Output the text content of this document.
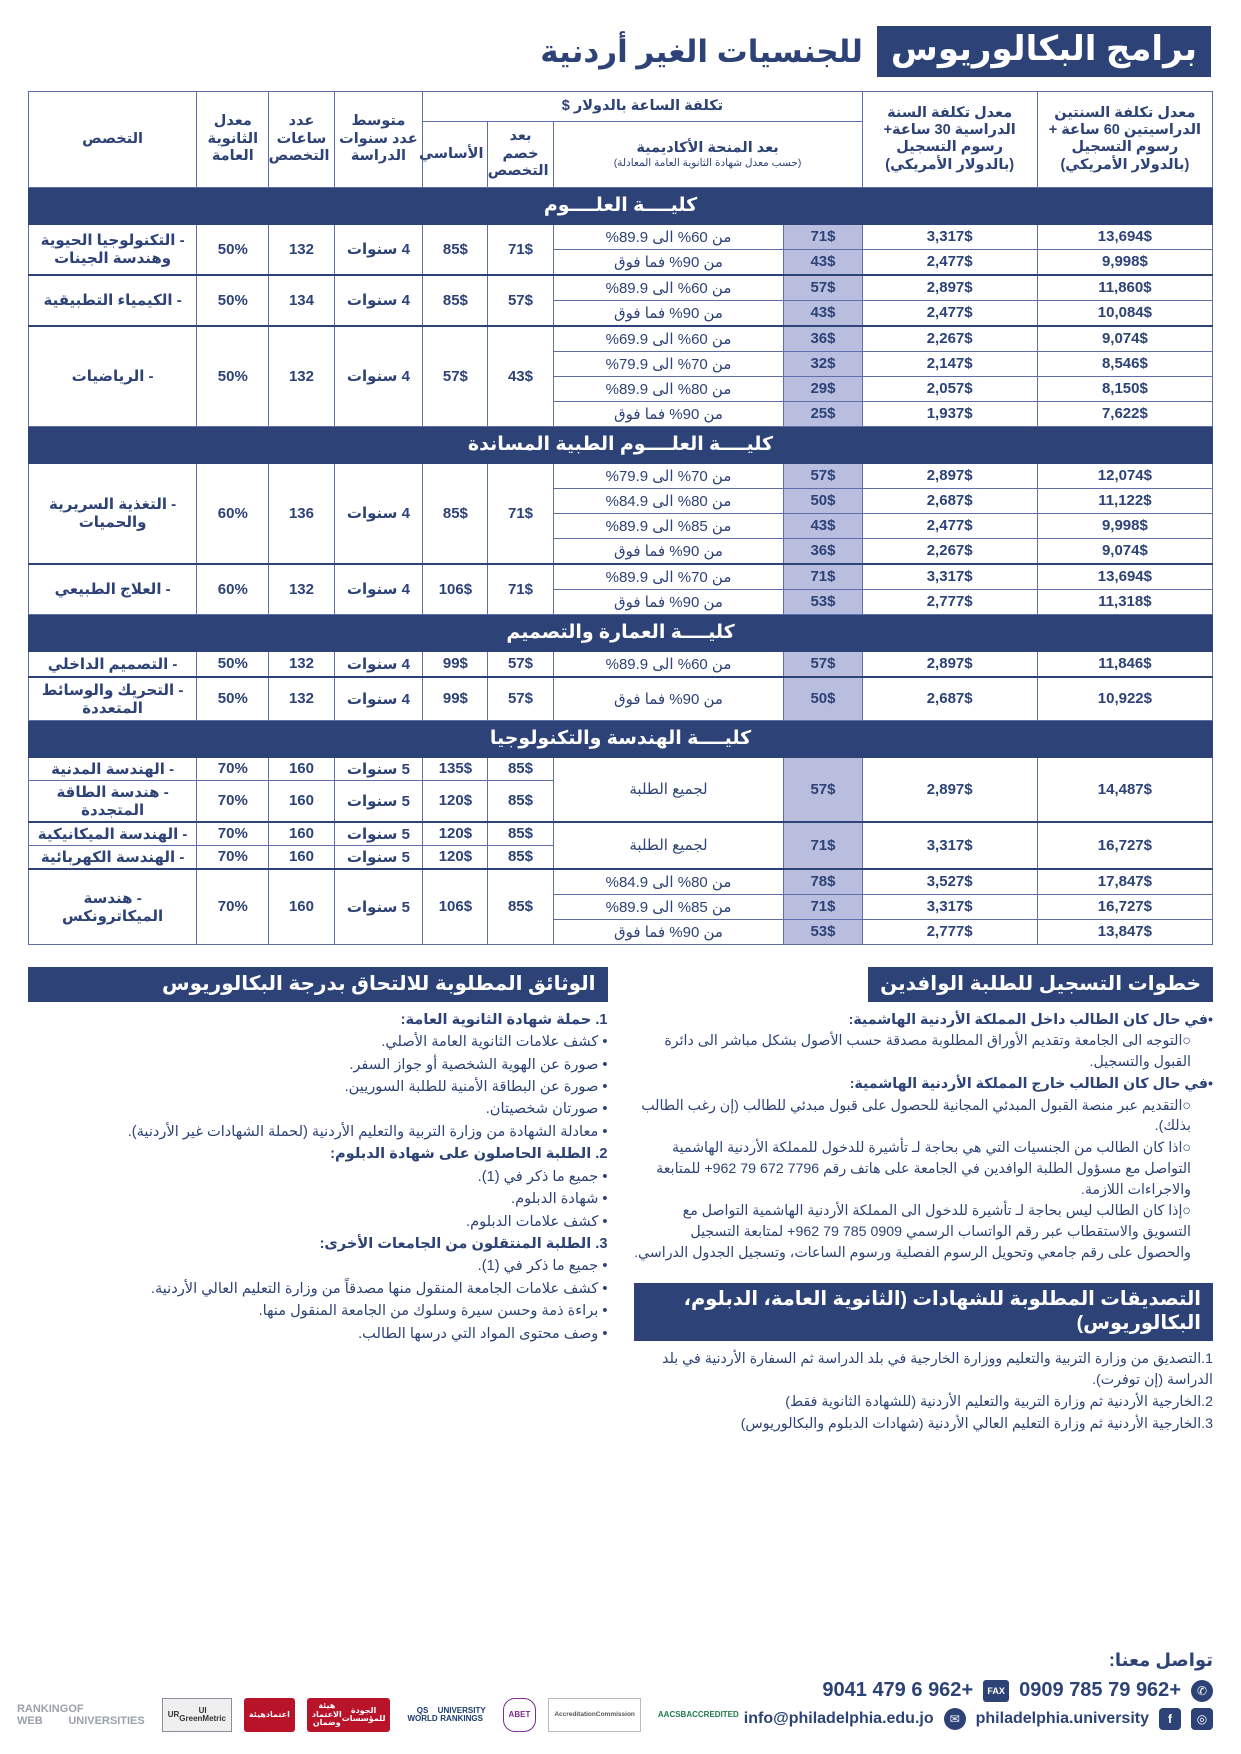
برامج البكالوريوس
للجنسيات الغير أردنية
معدل تكلفة السنتين الدراسيتين 60 ساعة + رسوم التسجيل (بالدولار الأمريكي)	معدل تكلفة السنة الدراسية 30 ساعة+ رسوم التسجيل (بالدولار الأمريكي)	تكلفة الساعة بالدولار $				متوسط عدد سنوات الدراسة	عدد ساعات التخصص	معدل الثانوية العامة	التخصص
		بعد المنحة الأكاديمية
(حسب معدل شهادة الثانوية العامة المعادلة)		بعد خصم التخصص	الأساسي				
كليــــة العلــــوم									
13,694$	3,317$	71$	من 60% الى 89.9%	71$	85$	4 سنوات	132	50%	- التكنولوجيا الحيوية وهندسة الجينات
9,998$	2,477$	43$	من 90% فما فوق						
11,860$	2,897$	57$	من 60% الى 89.9%	57$	85$	4 سنوات	134	50%	- الكيمياء التطبيقية
10,084$	2,477$	43$	من 90% فما فوق						
9,074$	2,267$	36$	من 60% الى 69.9%	43$	57$	4 سنوات	132	50%	- الرياضيات
8,546$	2,147$	32$	من 70% الى 79.9%						
8,150$	2,057$	29$	من 80% الى 89.9%						
7,622$	1,937$	25$	من 90% فما فوق						
كليــــة العلــــوم الطبية المساندة									
12,074$	2,897$	57$	من 70% الى 79.9%	71$	85$	4 سنوات	136	60%	- التغذية السريرية والحميات
11,122$	2,687$	50$	من 80% الى 84.9%						
9,998$	2,477$	43$	من 85% الى 89.9%						
9,074$	2,267$	36$	من 90% فما فوق						
13,694$	3,317$	71$	من 70% الى 89.9%	71$	106$	4 سنوات	132	60%	- العلاج الطبيعي
11,318$	2,777$	53$	من 90% فما فوق						
كليــــة العمارة والتصميم									
11,846$	2,897$	57$	من 60% الى 89.9%	57$	99$	4 سنوات	132	50%	- التصميم الداخلي
10,922$	2,687$	50$	من 90% فما فوق	57$	99$	4 سنوات	132	50%	- التحريك والوسائط المتعددة
كليــــة الهندسة والتكنولوجيا									
14,487$	2,897$	57$	لجميع الطلبة	85$	135$	5 سنوات	160	70%	- الهندسة المدنية
				85$	120$	5 سنوات	160	70%	- هندسة الطاقة المتجددة
16,727$	3,317$	71$	لجميع الطلبة	85$	120$	5 سنوات	160	70%	- الهندسة الميكانيكية
				85$	120$	5 سنوات	160	70%	- الهندسة الكهربائية
17,847$	3,527$	78$	من 80% الى 84.9%	85$	106$	5 سنوات	160	70%	- هندسة الميكاترونكس
16,727$	3,317$	71$	من 85% الى 89.9%						
13,847$	2,777$	53$	من 90% فما فوق						
خطوات التسجيل للطلبة الوافدين
•في حال كان الطالب داخل المملكة الأردنية الهاشمية:
○التوجه الى الجامعة وتقديم الأوراق المطلوبة مصدقة حسب الأصول بشكل مباشر الى دائرة القبول والتسجيل.
•في حال كان الطالب خارج المملكة الأردنية الهاشمية:
○التقديم عبر منصة القبول المبدئي المجانية للحصول على قبول مبدئي للطالب (إن رغب الطالب بذلك).
○اذا كان الطالب من الجنسيات التي هي بحاجة لـ تأشيرة للدخول للمملكة الأردنية الهاشمية التواصل مع مسؤول الطلبة الوافدين في الجامعة على هاتف رقم 7796 672 79 962+ للمتابعة والاجراءات اللازمة.
○إذا كان الطالب ليس بحاجة لـ تأشيرة للدخول الى المملكة الأردنية الهاشمية التواصل مع التسويق والاستقطاب عبر رقم الواتساب الرسمي 0909 785 79 962+ لمتابعة التسجيل والحصول على رقم جامعي وتحويل الرسوم الفصلية ورسوم الساعات، وتسجيل الجدول الدراسي.
التصديقات المطلوبة للشهادات (الثانوية العامة، الدبلوم، البكالوريوس)
1.التصديق من وزارة التربية والتعليم ووزارة الخارجية في بلد الدراسة ثم السفارة الأردنية في بلد الدراسة (إن توفرت).
2.الخارجية الأردنية ثم وزارة التربية والتعليم الأردنية (للشهادة الثانوية فقط)
3.الخارجية الأردنية ثم وزارة التعليم العالي الأردنية (شهادات الدبلوم والبكالوريوس)
الوثائق المطلوبة للالتحاق بدرجة البكالوريوس
1. حملة شهادة الثانوية العامة:
• كشف علامات الثانوية العامة الأصلي.
• صورة عن الهوية الشخصية أو جواز السفر.
• صورة عن البطاقة الأمنية للطلبة السوريين.
• صورتان شخصيتان.
• معادلة الشهادة من وزارة التربية والتعليم الأردنية (لحملة الشهادات غير الأردنية).
2. الطلبة الحاصلون على شهادة الدبلوم:
• جميع ما ذكر في (1).
• شهادة الدبلوم.
• كشف علامات الدبلوم.
3. الطلبة المنتقلون من الجامعات الأخرى:
• جميع ما ذكر في (1).
• كشف علامات الجامعة المنقول منها مصدقاً من وزارة التعليم العالي الأردنية.
• براءة ذمة وحسن سيرة وسلوك من الجامعة المنقول منها.
• وصف محتوى المواد التي درسها الطالب.
تواصل معنا:
✆
+962 79 785 0909
FAX
+962 6 479 9041
◎
f
philadelphia.university
✉
info@philadelphia.edu.jo
RANKING WEB
OF UNIVERSITIES
UR	UI GreenMetric	هيئة اعتماد
هيئة الاعتماد وضمان
الجودة للمؤسسات
QS WORLD
UNIVERSITY RANKINGS	ABET	Accreditation Commission	AACSB ACCREDITED
